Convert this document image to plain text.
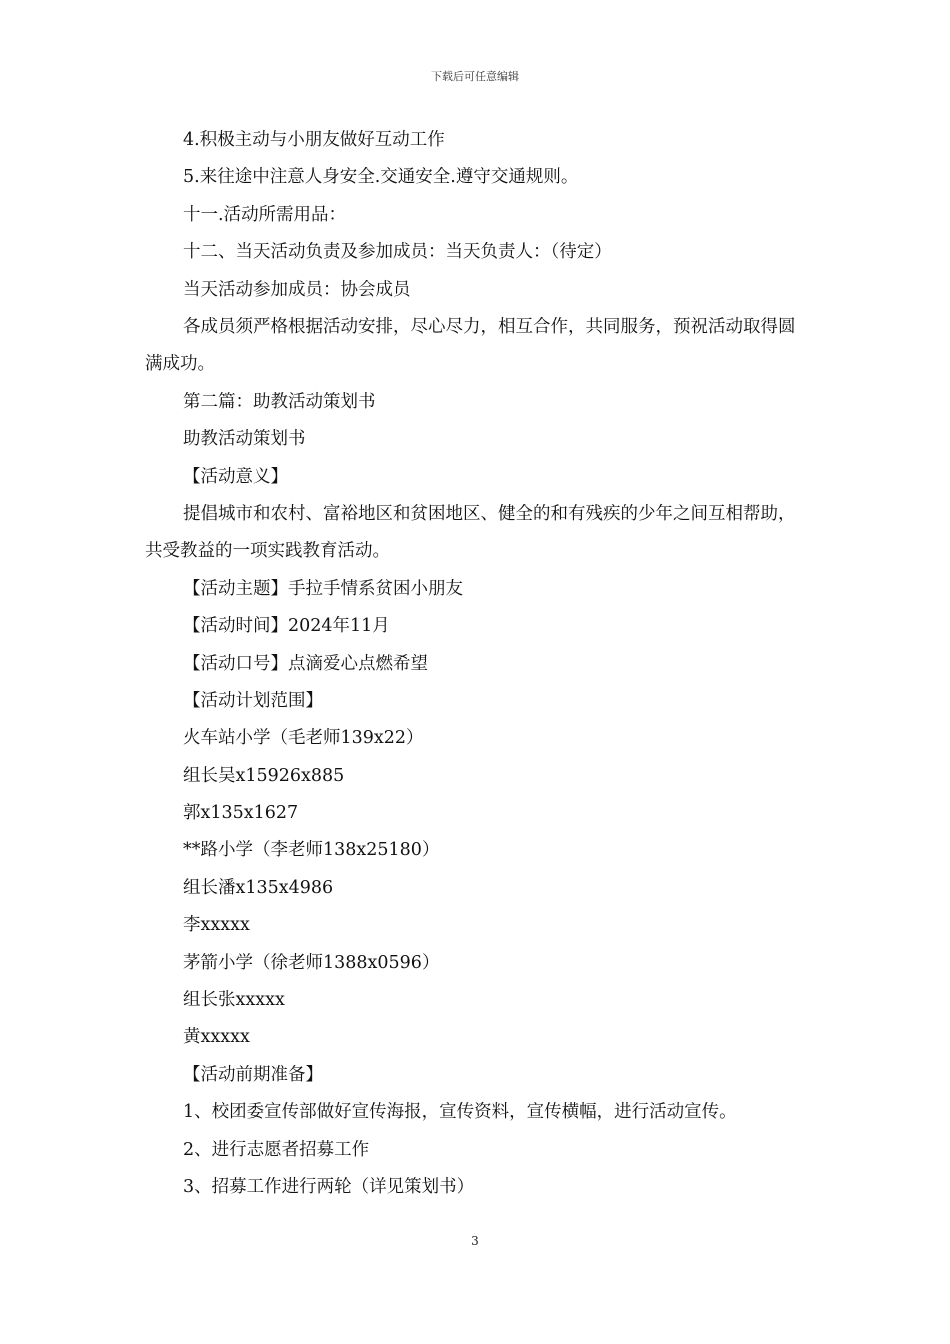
下载后可任意编辑
4.积极主动与小朋友做好互动工作
5.来往途中注意人身安全.交通安全.遵守交通规则。
十一.活动所需用品：
十二、当天活动负责及参加成员：当天负责人：（待定）
当天活动参加成员：协会成员
各成员须严格根据活动安排，尽心尽力，相互合作，共同服务，预祝活动取得圆满成功。
第二篇：助教活动策划书
助教活动策划书
【活动意义】
提倡城市和农村、富裕地区和贫困地区、健全的和有残疾的少年之间互相帮助，共受教益的一项实践教育活动。
【活动主题】手拉手情系贫困小朋友
【活动时间】2024年11月
【活动口号】点滴爱心点燃希望
【活动计划范围】
火车站小学（毛老师139x22）
组长吴x15926x885
郭x135x1627
**路小学（李老师138x25180）
组长潘x135x4986
李xxxxx
茅箭小学（徐老师1388x0596）
组长张xxxxx
黄xxxxx
【活动前期准备】
1、校团委宣传部做好宣传海报，宣传资料，宣传横幅，进行活动宣传。
2、进行志愿者招募工作
3、招募工作进行两轮（详见策划书）
3
